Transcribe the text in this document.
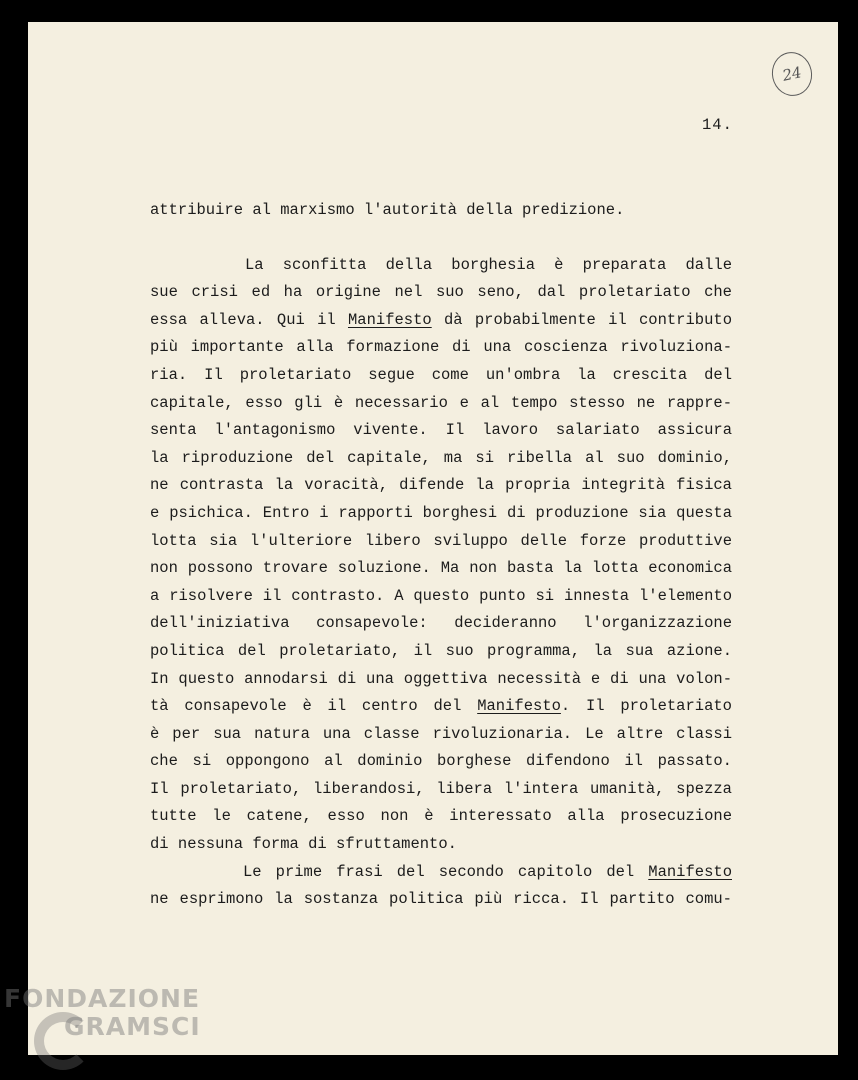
24
14.
attribuire al marxismo l'autorità della predizione.
La sconfitta della borghesia è preparata dalle
sue crisi ed ha origine nel suo seno, dal proletariato che
essa alleva. Qui il Manifesto dà probabilmente il contributo
più importante alla formazione di una coscienza rivoluziona-
ria. Il proletariato segue come un'ombra la crescita del
capitale, esso gli è necessario e al tempo stesso ne rappre-
senta l'antagonismo vivente. Il lavoro salariato assicura
la riproduzione del capitale, ma si ribella al suo dominio,
ne contrasta la voracità, difende la propria integrità fisica
e psichica. Entro i rapporti borghesi di produzione sia questa
lotta sia l'ulteriore libero sviluppo delle forze produttive
non possono trovare soluzione. Ma non basta la lotta economica
a risolvere il contrasto. A questo punto si innesta l'elemento
dell'iniziativa consapevole: decideranno l'organizzazione
politica del proletariato, il suo programma, la sua azione.
In questo annodarsi di una oggettiva necessità e di una volon-
tà consapevole è il centro del Manifesto. Il proletariato
è per sua natura una classe rivoluzionaria. Le altre classi
che si oppongono al dominio borghese difendono il passato.
Il proletariato, liberandosi, libera l'intera umanità, spezza
tutte le catene, esso non è interessato alla prosecuzione
di nessuna forma di sfruttamento.
Le prime frasi del secondo capitolo del Manifesto
ne esprimono la sostanza politica più ricca. Il partito comu-
FONDAZIONE
GRAMSCI
